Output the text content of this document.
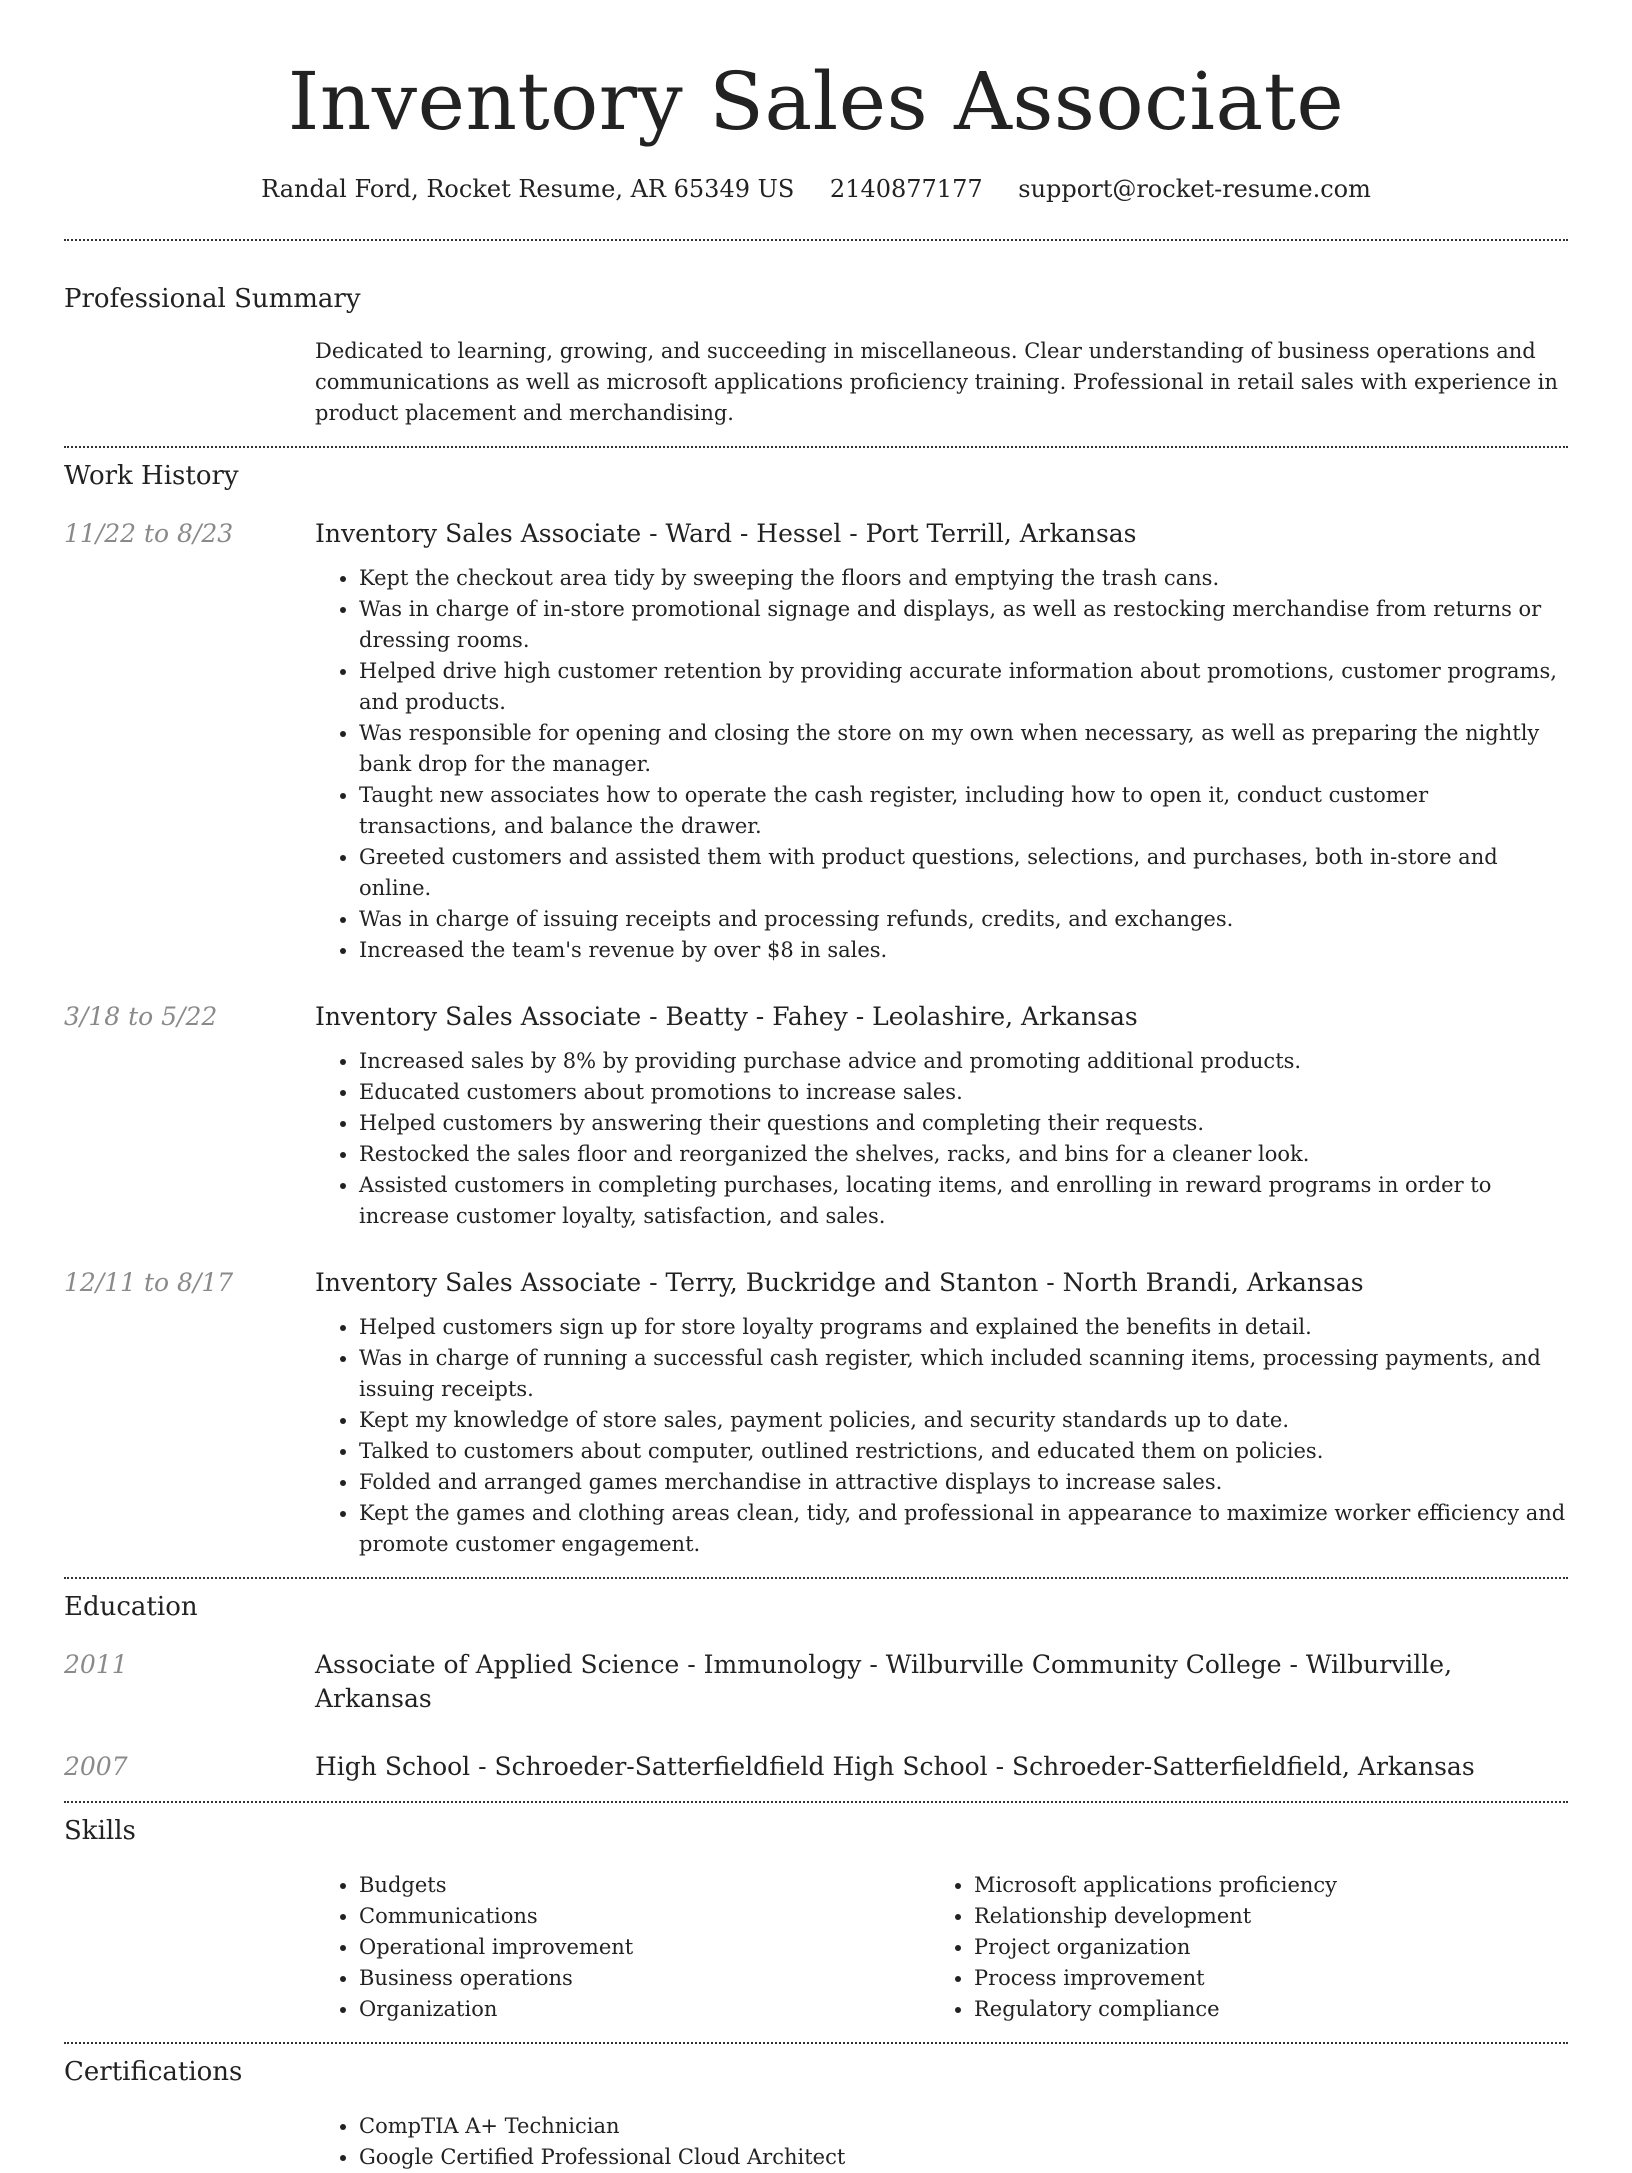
Inventory Sales Associate
Randal Ford, Rocket Resume, AR 65349 US 2140877177 support@rocket-resume.com
Professional Summary
Dedicated to learning, growing, and succeeding in miscellaneous. Clear understanding of business operations and communications as well as microsoft applications proficiency training. Professional in retail sales with experience in product placement and merchandising.
Work History
11/22 to 8/23	Inventory Sales Associate - Ward - Hessel - Port Terrill, Arkansas
• Kept the checkout area tidy by sweeping the floors and emptying the trash cans.
• Was in charge of in-store promotional signage and displays, as well as restocking merchandise from returns or dressing rooms.
• Helped drive high customer retention by providing accurate information about promotions, customer programs, and products.
• Was responsible for opening and closing the store on my own when necessary, as well as preparing the nightly bank drop for the manager.
• Taught new associates how to operate the cash register, including how to open it, conduct customer transactions, and balance the drawer.
• Greeted customers and assisted them with product questions, selections, and purchases, both in-store and online.
• Was in charge of issuing receipts and processing refunds, credits, and exchanges.
• Increased the team's revenue by over $8 in sales.
3/18 to 5/22	Inventory Sales Associate - Beatty - Fahey - Leolashire, Arkansas
• Increased sales by 8% by providing purchase advice and promoting additional products.
• Educated customers about promotions to increase sales.
• Helped customers by answering their questions and completing their requests.
• Restocked the sales floor and reorganized the shelves, racks, and bins for a cleaner look.
• Assisted customers in completing purchases, locating items, and enrolling in reward programs in order to increase customer loyalty, satisfaction, and sales.
12/11 to 8/17	Inventory Sales Associate - Terry, Buckridge and Stanton - North Brandi, Arkansas
• Helped customers sign up for store loyalty programs and explained the benefits in detail.
• Was in charge of running a successful cash register, which included scanning items, processing payments, and issuing receipts.
• Kept my knowledge of store sales, payment policies, and security standards up to date.
• Talked to customers about computer, outlined restrictions, and educated them on policies.
• Folded and arranged games merchandise in attractive displays to increase sales.
• Kept the games and clothing areas clean, tidy, and professional in appearance to maximize worker efficiency and promote customer engagement.
Education
2011	Associate of Applied Science - Immunology - Wilburville Community College - Wilburville, Arkansas
2007	High School - Schroeder-Satterfieldfield High School - Schroeder-Satterfieldfield, Arkansas
Skills
• Budgets
• Communications
• Operational improvement
• Business operations
• Organization
• Microsoft applications proficiency
• Relationship development
• Project organization
• Process improvement
• Regulatory compliance
Certifications
• CompTIA A+ Technician
• Google Certified Professional Cloud Architect
